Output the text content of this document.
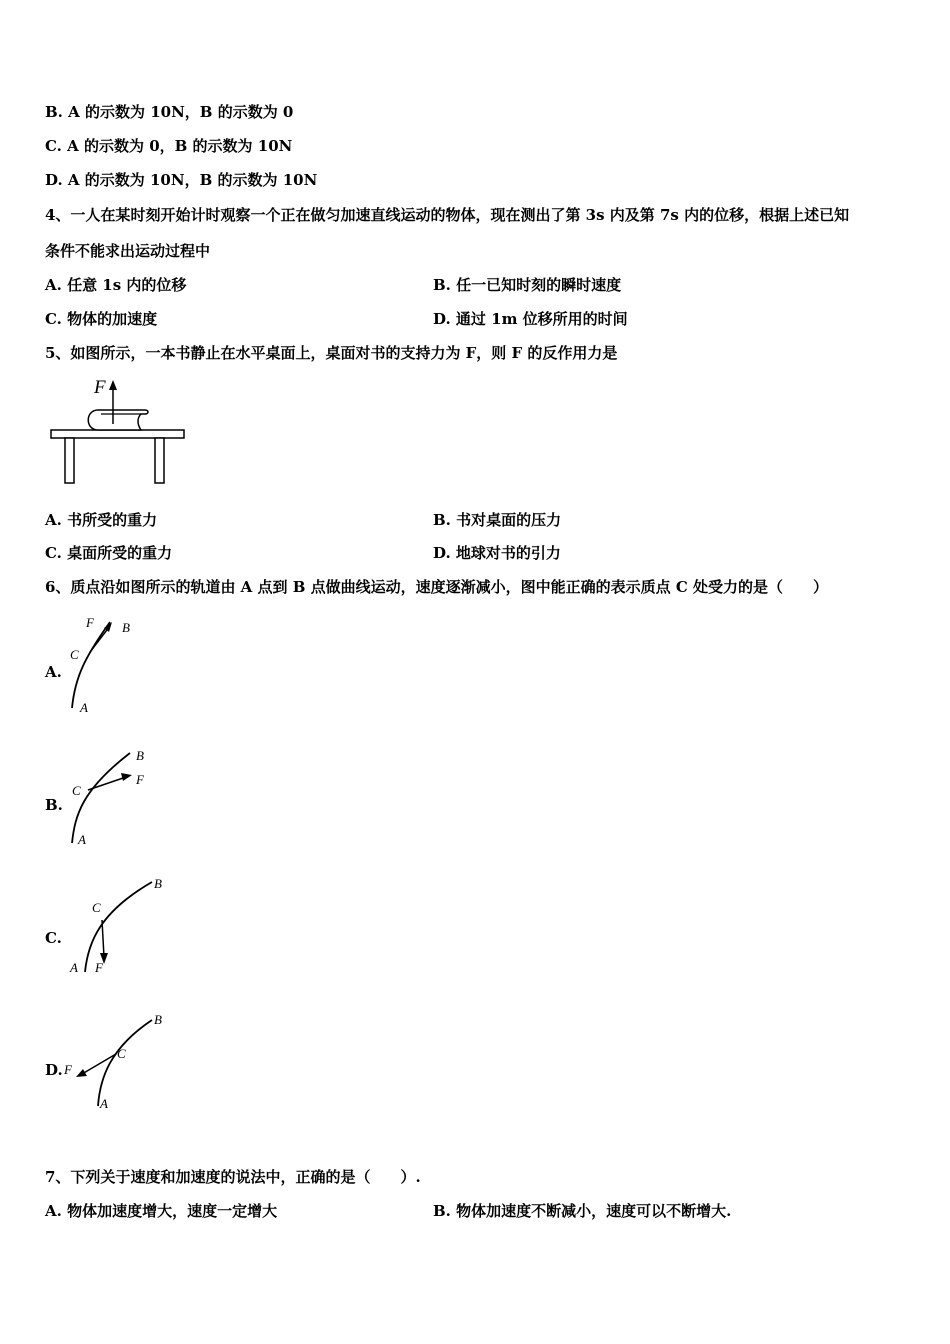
B. A 的示数为 10N，B 的示数为 0
C. A 的示数为 0，B 的示数为 10N
D. A 的示数为 10N，B 的示数为 10N
4、一人在某时刻开始计时观察一个正在做匀加速直线运动的物体，现在测出了第 3s 内及第 7s 内的位移，根据上述已知
条件不能求出运动过程中
A. 任意 1s 内的位移	B. 任一已知时刻的瞬时速度
C. 物体的加速度	D. 通过 1m 位移所用的时间
5、如图所示，一本书静止在水平桌面上，桌面对书的支持力为 F，则 F 的反作用力是
F
A. 书所受的重力	B. 书对桌面的压力
C. 桌面所受的重力	D. 地球对书的引力
6、质点沿如图所示的轨道由 A 点到 B 点做曲线运动，速度逐渐减小，图中能正确的表示质点 C 处受力的是（　　）
A.
A
B
C
F
B.
A
B
C
F
C.
A
B
C
F
D.
A
B
C
F
7、下列关于速度和加速度的说法中，正确的是（　　）.
A. 物体加速度增大，速度一定增大	B. 物体加速度不断减小，速度可以不断增大.
